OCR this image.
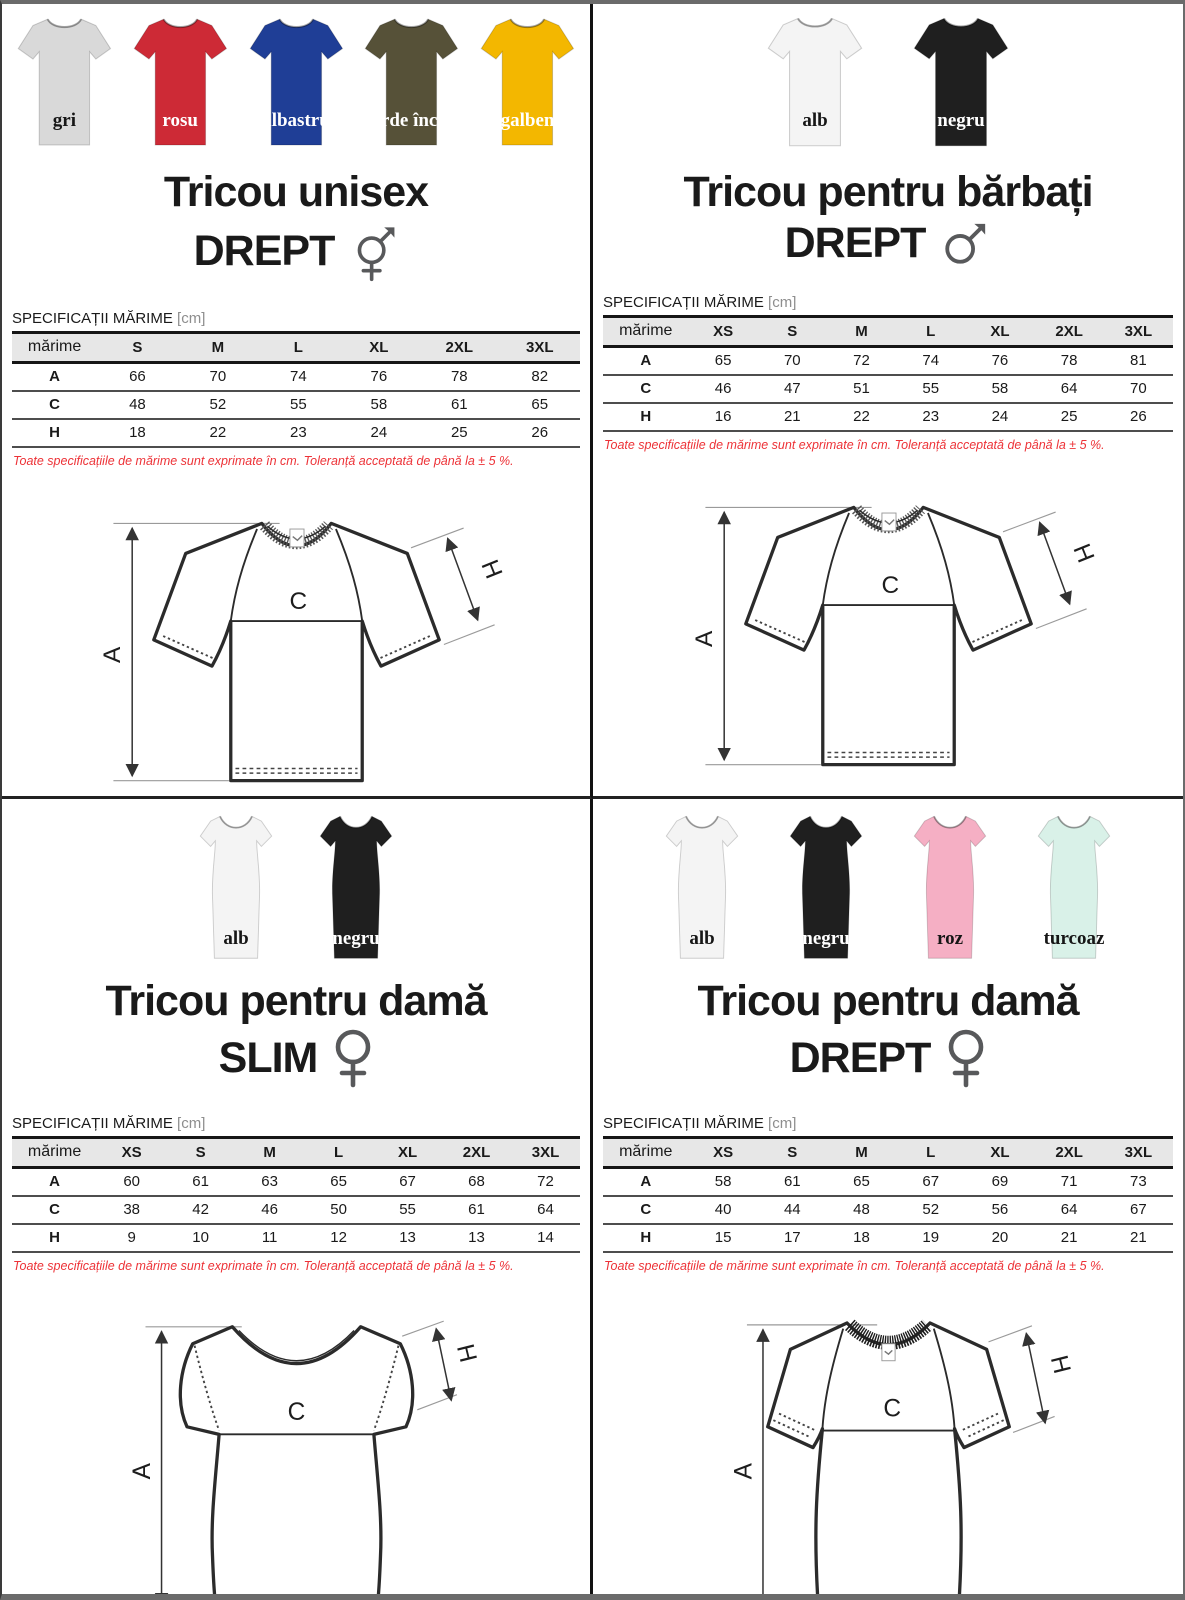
gri	rosu	albastru	verde închis	galben
Tricou unisex
DREPT
SPECIFICAȚII MĂRIME [cm]
mărime	S	M	L	XL	2XL	3XL
A	66	70	74	76	78	82
C	48	52	55	58	61	65
H	18	22	23	24	25	26

Toate specificațiile de mărime sunt exprimate în cm. Toleranță acceptată de până la ± 5 %.

A
C
H
alb	negru
Tricou pentru bărbați
DREPT
SPECIFICAȚII MĂRIME [cm]
mărime	XS	S	M	L	XL	2XL	3XL
A	65	70	72	74	76	78	81
C	46	47	51	55	58	64	70
H	16	21	22	23	24	25	26

Toate specificațiile de mărime sunt exprimate în cm. Toleranță acceptată de până la ± 5 %.

A
C
H
alb	negru
Tricou pentru damă
SLIM
SPECIFICAȚII MĂRIME [cm]
mărime	XS	S	M	L	XL	2XL	3XL
A	60	61	63	65	67	68	72
C	38	42	46	50	55	61	64
H	9	10	11	12	13	13	14

Toate specificațiile de mărime sunt exprimate în cm. Toleranță acceptată de până la ± 5 %.

A
C
H
alb	negru	roz	turcoaz
Tricou pentru damă
DREPT
SPECIFICAȚII MĂRIME [cm]
mărime	XS	S	M	L	XL	2XL	3XL
A	58	61	65	67	69	71	73
C	40	44	48	52	56	64	67
H	15	17	18	19	20	21	21

Toate specificațiile de mărime sunt exprimate în cm. Toleranță acceptată de până la ± 5 %.

A
C
H
